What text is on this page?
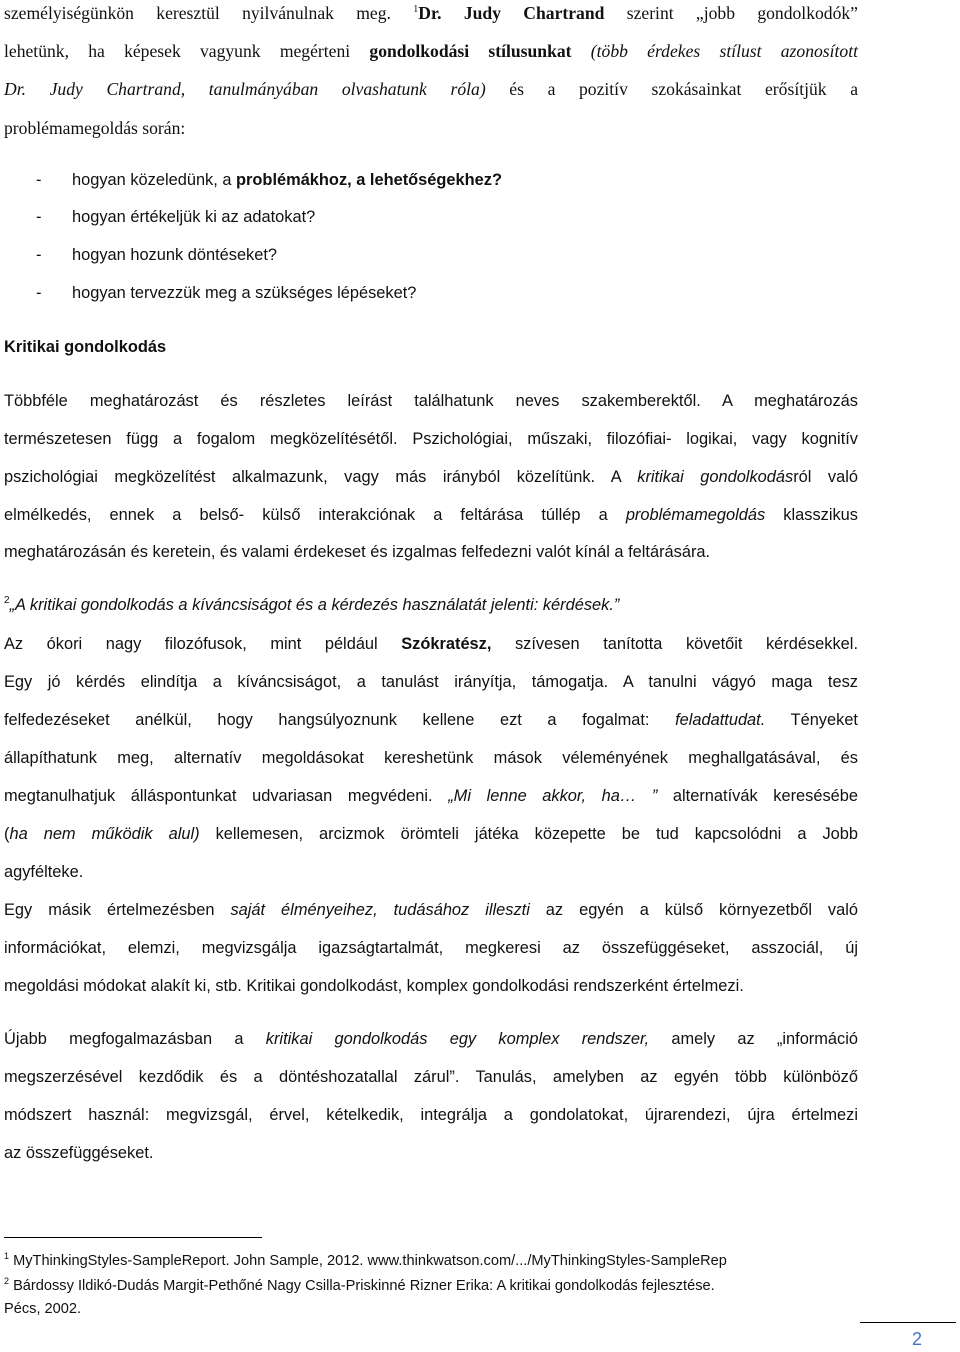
személyiségünkön keresztül nyilvánulnak meg. $^1$Dr. Judy Chartrand szerint „jobb gondolkodók”
lehetünk, ha képesek vagyunk megérteni gondolkodási stílusunkat (több érdekes stílust azonosított
Dr. Judy Chartrand, tanulmányában olvashatunk róla) és a pozitív szokásainkat erősítjük a
problémamegoldás során:
- hogyan közeledünk, a problémákhoz, a lehetőségekhez?
- hogyan értékeljük ki az adatokat?
- hogyan hozunk döntéseket?
- hogyan tervezzük meg a szükséges lépéseket?
Kritikai gondolkodás
Többféle meghatározást és részletes leírást találhatunk neves szakemberektől. A meghatározás
természetesen függ a fogalom megközelítésétől. Pszichológiai, műszaki, filozófiai- logikai, vagy kognitív
pszichológiai megközelítést alkalmazunk, vagy más irányból közelítünk. A kritikai gondolkodásról való
elmélkedés, ennek a belső- külső interakciónak a feltárása túllép a problémamegoldás klasszikus
meghatározásán és keretein, és valami érdekeset és izgalmas felfedezni valót kínál a feltárására.
$^2$„A kritikai gondolkodás a kíváncsiságot és a kérdezés használatát jelenti: kérdések.”
Az ókori nagy filozófusok, mint például Szókratész, szívesen tanította követőit kérdésekkel.
Egy jó kérdés elindítja a kíváncsiságot, a tanulást irányítja, támogatja. A tanulni vágyó maga tesz
felfedezéseket anélkül, hogy hangsúlyoznunk kellene ezt a fogalmat: feladattudat. Tényeket
állapíthatunk meg, alternatív megoldásokat kereshetünk mások véleményének meghallgatásával, és
megtanulhatjuk álláspontunkat udvariasan megvédeni. „Mi lenne akkor, ha… ” alternatívák keresésébe
(ha nem működik alul) kellemesen, arcizmok örömteli játéka közepette be tud kapcsolódni a Jobb
agyfélteke.
Egy másik értelmezésben saját élményeihez, tudásához illeszti az egyén a külső környezetből való
információkat, elemzi, megvizsgálja igazságtartalmát, megkeresi az összefüggéseket, asszociál, új
megoldási módokat alakít ki, stb. Kritikai gondolkodást, komplex gondolkodási rendszerként értelmezi.
Újabb megfogalmazásban a kritikai gondolkodás egy komplex rendszer, amely az „információ
megszerzésével kezdődik és a döntéshozatallal zárul”. Tanulás, amelyben az egyén több különböző
módszert használ: megvizsgál, érvel, kételkedik, integrálja a gondolatokat, újrarendezi, újra értelmezi
az összefüggéseket.
$^1$ MyThinkingStyles-SampleReport. John Sample, 2012. www.thinkwatson.com/.../MyThinkingStyles-SampleRep
$^2$ Bárdossy Ildikó-Dudás Margit-Pethőné Nagy Csilla-Priskinné Rizner Erika: A kritikai gondolkodás fejlesztése.
Pécs, 2002.
2
